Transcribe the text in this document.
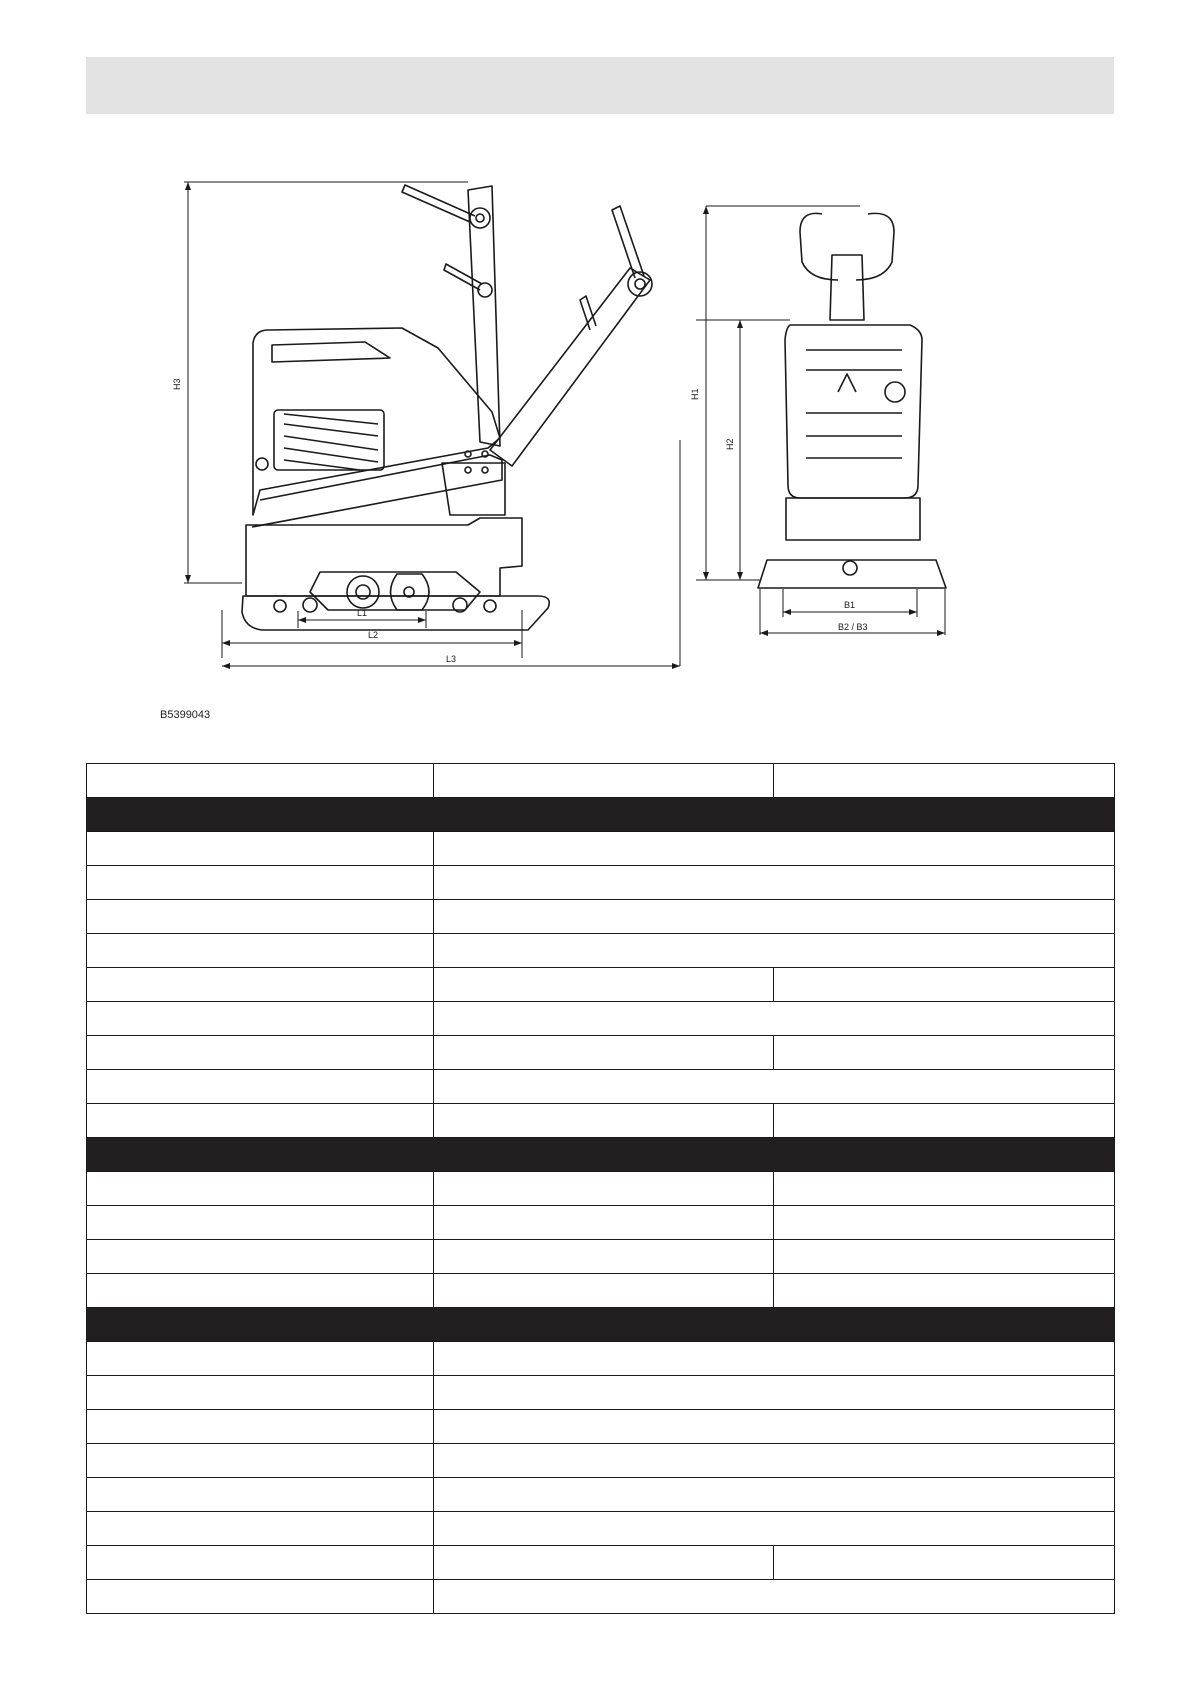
H3
H1
H2
L1
L2
L3
B1
B2 / B3
B5399043
